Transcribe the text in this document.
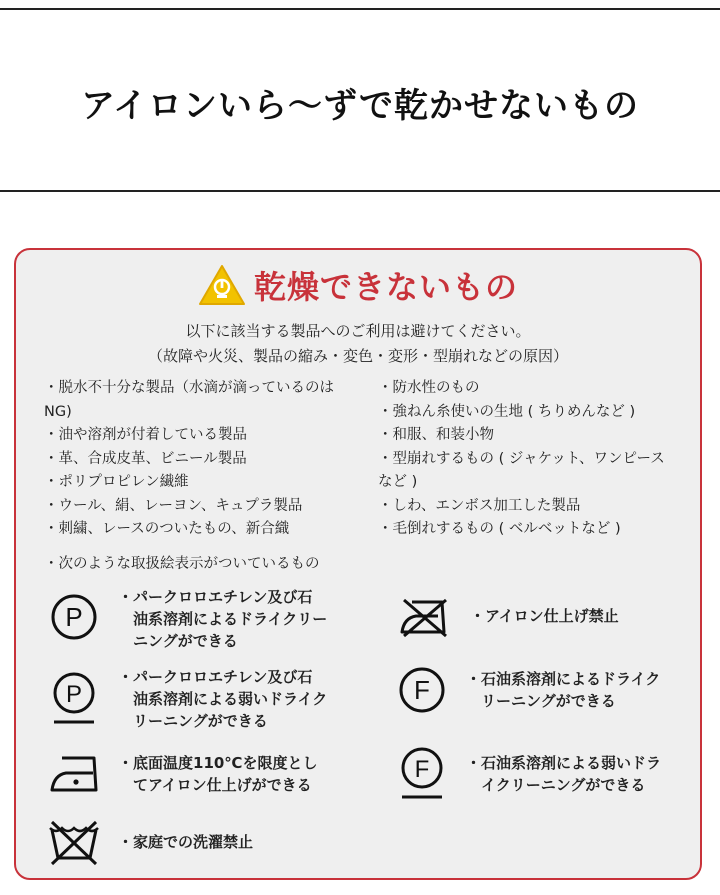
アイロンいら～ずで乾かせないもの
乾燥できないもの
以下に該当する製品へのご利用は避けてください。
（故障や火災、製品の縮み・変色・変形・型崩れなどの原因）
・脱水不十分な製品（水滴が滴っているのは
NG)
・油や溶剤が付着している製品
・革、合成皮革、ビニール製品
・ポリプロピレン繊維
・ウール、絹、レーヨン、キュプラ製品
・刺繍、レースのついたもの、新合織
・防水性のもの
・強ねん糸使いの生地 ( ちりめんなど )
・和服、和装小物
・型崩れするもの ( ジャケット、ワンピース
など )
・しわ、エンボス加工した製品
・毛倒れするもの ( ベルベットなど )
・次のような取扱絵表示がついているもの
P
・パークロロエチレン及び石
　油系溶剤によるドライクリー
　ニングができる
・アイロン仕上げ禁止
P
・パークロロエチレン及び石
　油系溶剤による弱いドライク
　リーニングができる
F ・石油系溶剤によるドライク
　リーニングができる
・底面温度110℃を限度とし
　てアイロン仕上げができる
F ・石油系溶剤による弱いドラ
　イクリーニングができる
・家庭での洗濯禁止
